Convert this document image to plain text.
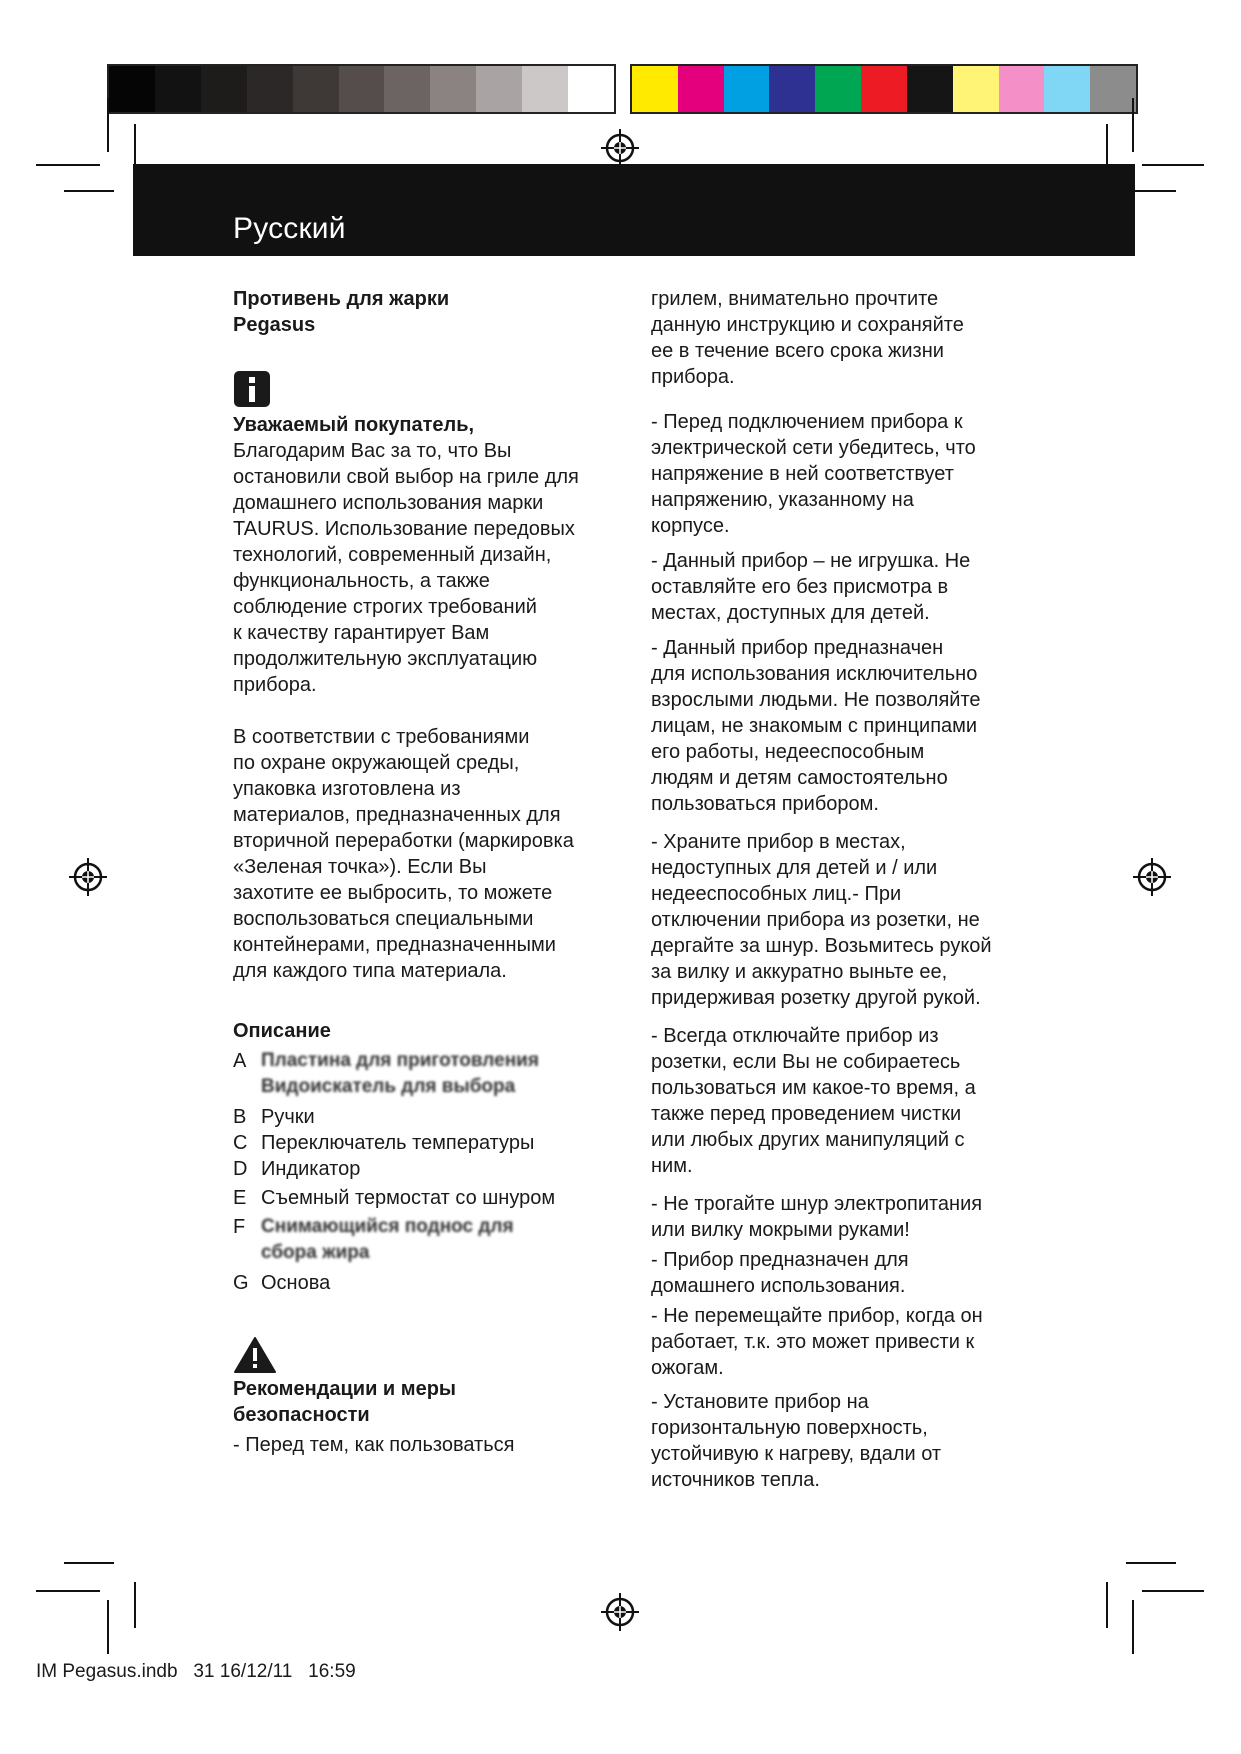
Русский

Противень для жарки
Pegasus

Уважаемый покупатель,

Благодарим Вас за то, что Вы
остановили свой выбор на гриле для
домашнего использования марки
TAURUS. Использование передовых
технологий, современный дизайн,
функциональность, а также
соблюдение строгих требований
к качеству гарантирует Вам
продолжительную эксплуатацию
прибора.

В соответствии с требованиями
по охране окружающей среды,
упаковка изготовлена из
материалов, предназначенных для
вторичной переработки (маркировка
«Зеленая точка»). Если Вы
захотите ее выбросить, то можете
воспользоваться специальными
контейнерами, предназначенными
для каждого типа материала.

Описание

A Пластина для приготовления
Видоискатель для выбора

B Ручки

C Переключатель температуры

D Индикатор

E Съемный термостат со шнуром

F Снимающийся поднос для
сбора жира

G Основа

Рекомендации и меры
безопасности

- Перед тем, как пользоваться

грилем, внимательно прочтите
данную инструкцию и сохраняйте
ее в течение всего срока жизни
прибора.

- Перед подключением прибора к
электрической сети убедитесь, что
напряжение в ней соответствует
напряжению, указанному на
корпусе.

- Данный прибор – не игрушка. Не
оставляйте его без присмотра в
местах, доступных для детей.

- Данный прибор предназначен
для использования исключительно
взрослыми людьми. Не позволяйте
лицам, не знакомым с принципами
его работы, недееспособным
людям и детям самостоятельно
пользоваться прибором.

- Храните прибор в местах,
недоступных для детей и / или
недееспособных лиц.- При
отключении прибора из розетки, не
дергайте за шнур. Возьмитесь рукой
за вилку и аккуратно выньте ее,
придерживая розетку другой рукой.

- Всегда отключайте прибор из
розетки, если Вы не собираетесь
пользоваться им какое-то время, а
также перед проведением чистки
или любых других манипуляций с
ним.

- Не трогайте шнур электропитания
или вилку мокрыми руками!

- Прибор предназначен для
домашнего использования.

- Не перемещайте прибор, когда он
работает, т.к. это может привести к
ожогам.

- Установите прибор на
горизонтальную поверхность,
устойчивую к нагреву, вдали от
источников тепла.

IM Pegasus.indb   31 16/12/11   16:59
